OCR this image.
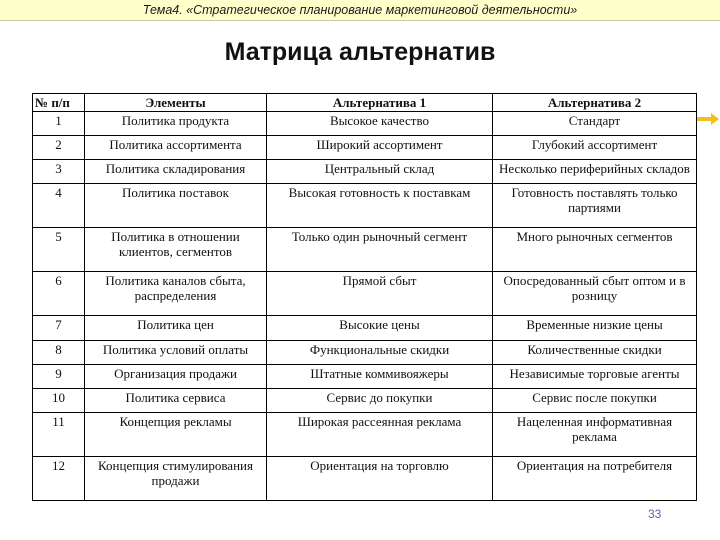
Тема4. «Стратегическое планирование маркетинговой деятельности»
Матрица альтернатив
№ п/п	Элементы	Альтернатива 1	Альтернатива 2
1	Политика продукта	Высокое качество	Стандарт
2	Политика ассортимента	Широкий ассортимент	Глубокий ассортимент
3	Политика складирования	Центральный склад	Несколько периферийных складов
4	Политика поставок	Высокая готовность к поставкам	Готовность поставлять только партиями
5	Политика в отношении клиентов, сегментов	Только один рыночный сегмент	Много рыночных сегментов
6	Политика каналов сбыта, распределения	Прямой сбыт	Опосредованный сбыт оптом и в розницу
7	Политика цен	Высокие цены	Временные низкие цены
8	Политика условий оплаты	Функциональные скидки	Количественные скидки
9	Организация продажи	Штатные коммивояжеры	Независимые торговые агенты
10	Политика сервиса	Сервис до покупки	Сервис после покупки
11	Концепция рекламы	Широкая рассеянная реклама	Нацеленная информативная реклама
12	Концепция стимулирования продажи	Ориентация на торговлю	Ориентация на потребителя
33
